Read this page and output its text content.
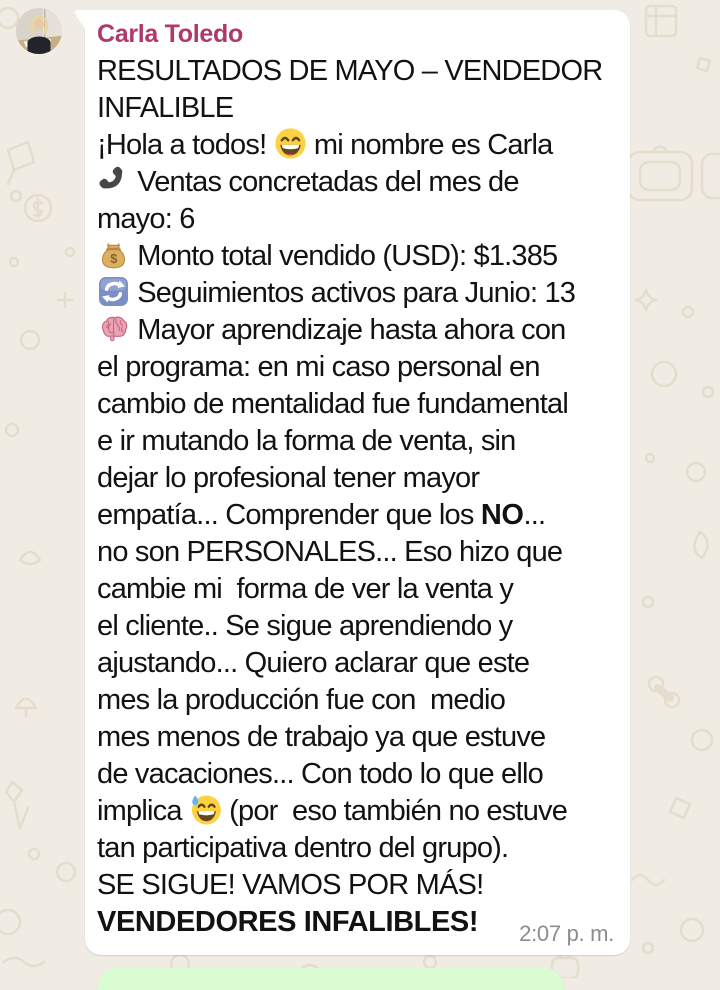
Carla Toledo
RESULTADOS DE MAYO – VENDEDOR
INFALIBLE
¡Hola a todos!  mi nombre es Carla
Ventas concretadas del mes de
mayo: 6
$ Monto total vendido (USD): $1.385
Seguimientos activos para Junio: 13
Mayor aprendizaje hasta ahora con
el programa: en mi caso personal en
cambio de mentalidad fue fundamental
e ir mutando la forma de venta, sin
dejar lo profesional tener mayor
empatía... Comprender que los NO...
no son PERSONALES... Eso hizo que
cambie mi  forma de ver la venta y
el cliente.. Se sigue aprendiendo y
ajustando... Quiero aclarar que este
mes la producción fue con  medio
mes menos de trabajo ya que estuve
de vacaciones... Con todo lo que ello
implica  (por  eso también no estuve
tan participativa dentro del grupo).
SE SIGUE! VAMOS POR MÁS!
VENDEDORES INFALIBLES!	2:07 p. m.
